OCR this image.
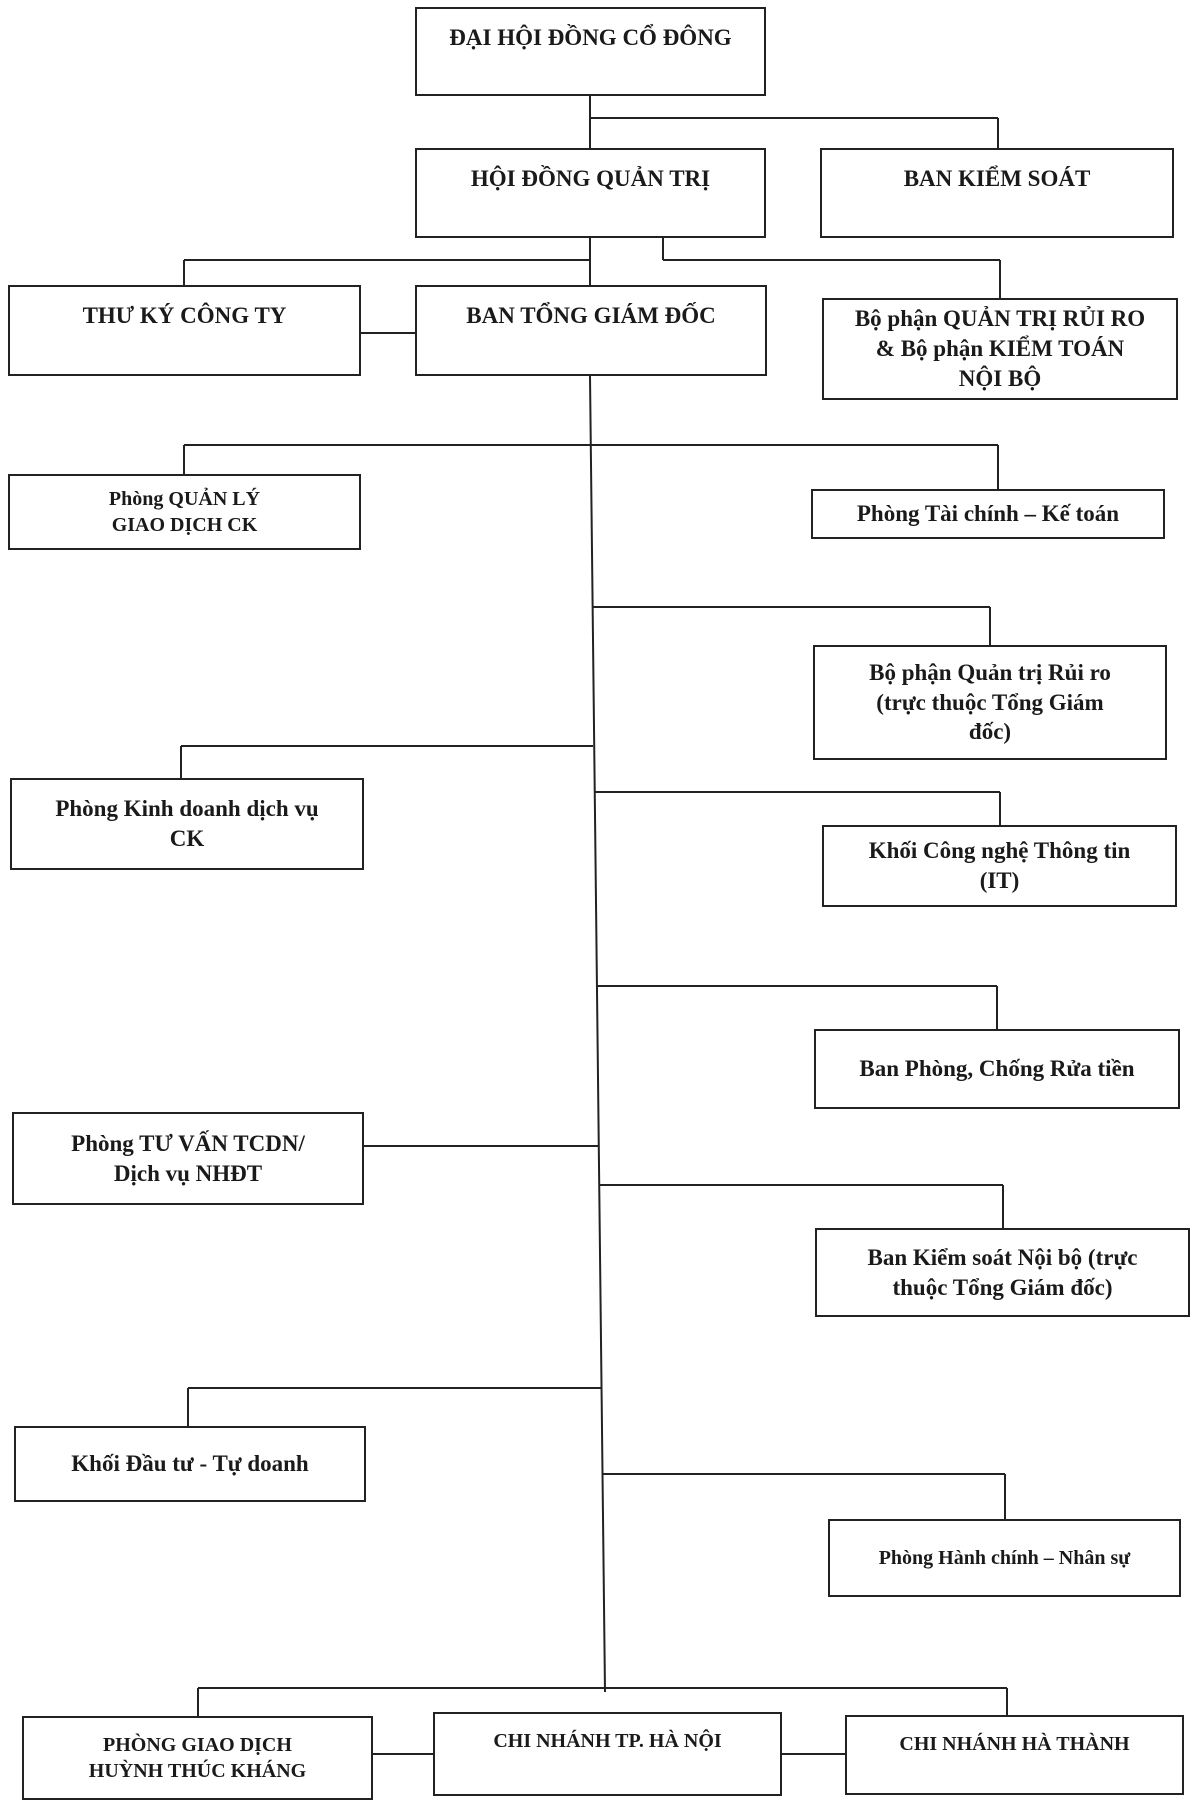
ĐẠI HỘI ĐỒNG CỔ ĐÔNG
HỘI ĐỒNG QUẢN TRỊ	BAN KIỂM SOÁT
THƯ KÝ CÔNG TY	BAN TỔNG GIÁM ĐỐC	Bộ phận QUẢN TRỊ RỦI RO
& Bộ phận KIỂM TOÁN
NỘI BỘ
Phòng QUẢN LÝ
GIAO DỊCH CK	Phòng Tài chính – Kế toán
Bộ phận Quản trị Rủi ro
(trực thuộc Tổng Giám
đốc)
Phòng Kinh doanh dịch vụ
CK	Khối Công nghệ Thông tin
(IT)
Ban Phòng, Chống Rửa tiền
Phòng TƯ VẤN TCDN/
Dịch vụ NHĐT
Ban Kiểm soát Nội bộ (trực
thuộc Tổng Giám đốc)
Khối Đầu tư - Tự doanh
Phòng Hành chính – Nhân sự
PHÒNG GIAO DỊCH
HUỲNH THÚC KHÁNG
CHI NHÁNH TP. HÀ NỘI	CHI NHÁNH HÀ THÀNH
